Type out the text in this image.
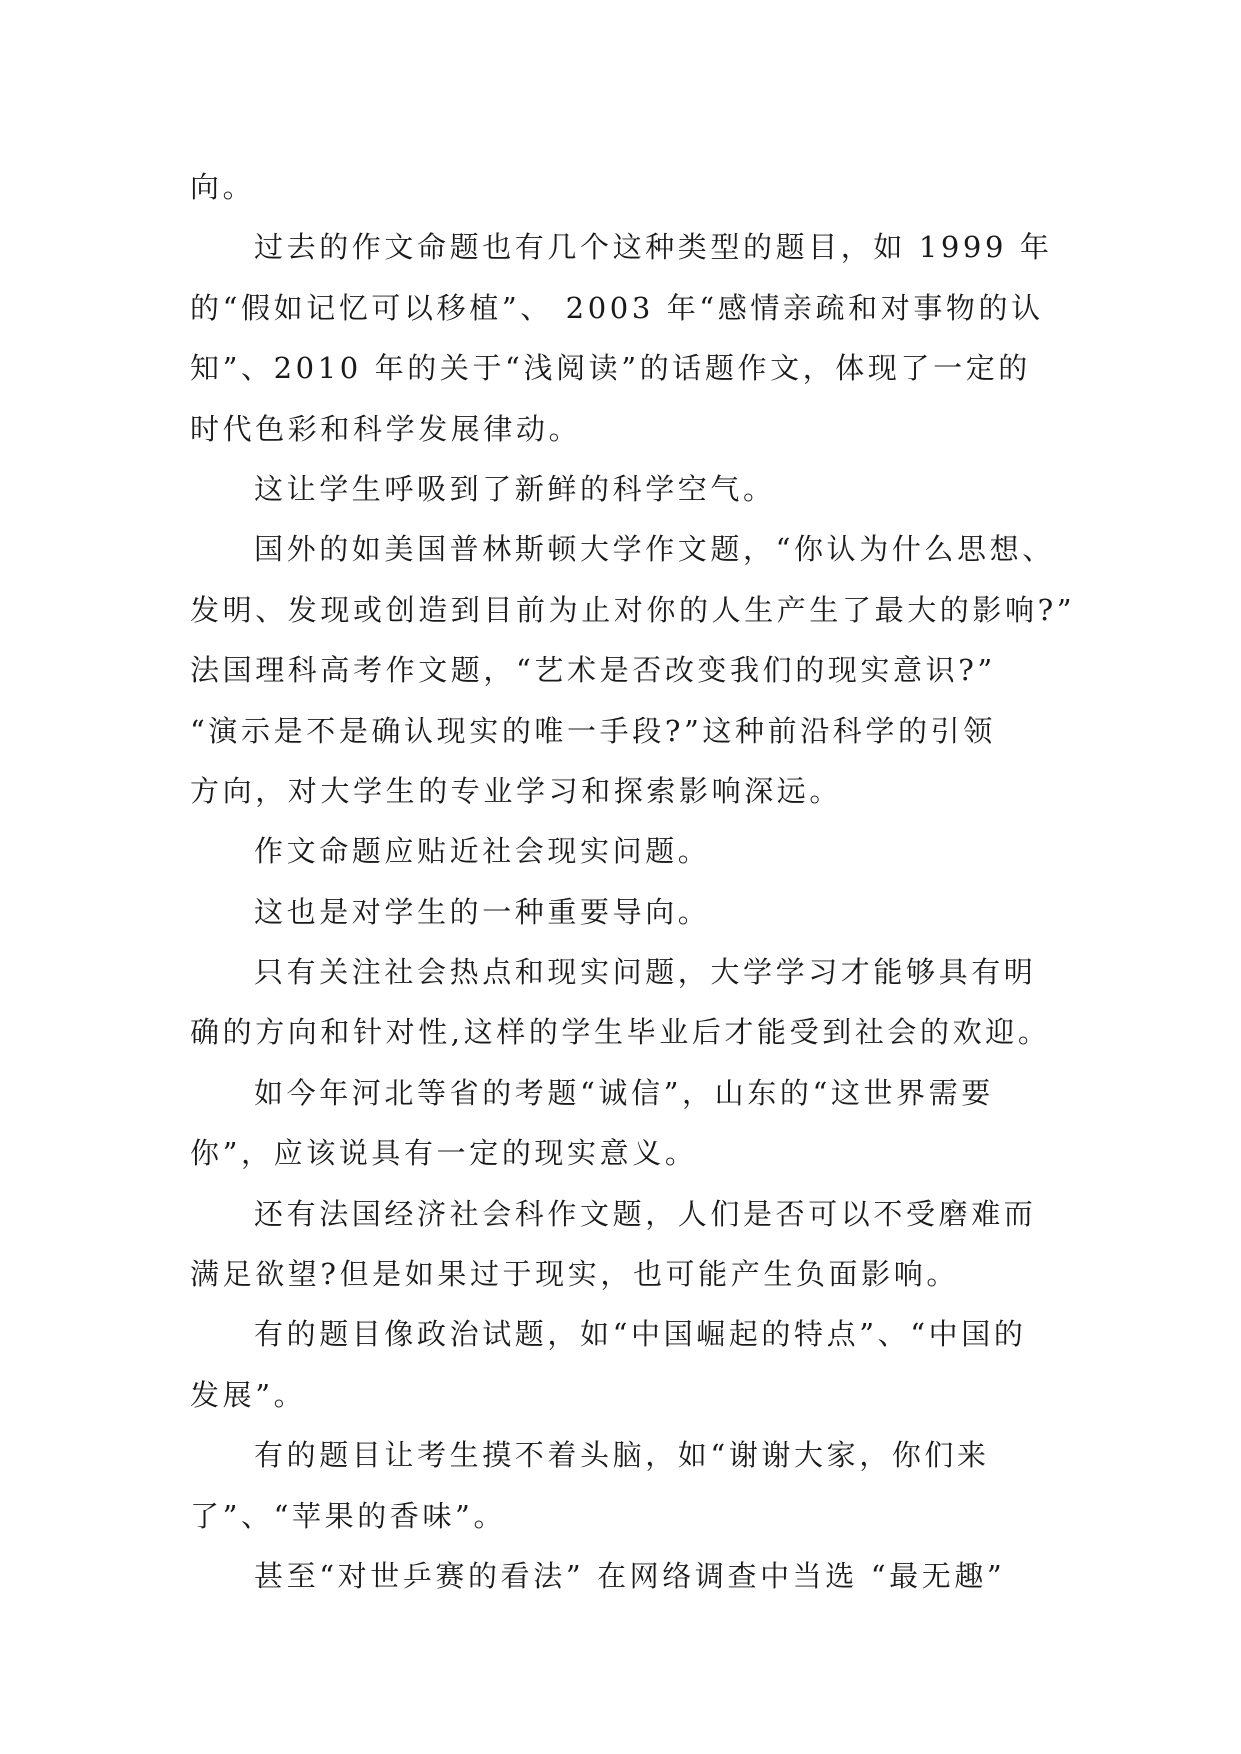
向。
过去的作文命题也有几个这种类型的题目，如 1999 年
的“假如记忆可以移植”、 2003 年“感情亲疏和对事物的认
知”、2010 年的关于“浅阅读”的话题作文，体现了一定的
时代色彩和科学发展律动。
这让学生呼吸到了新鲜的科学空气。
国外的如美国普林斯顿大学作文题，“你认为什么思想、
发明、发现或创造到目前为止对你的人生产生了最大的影响?”
法国理科高考作文题，“艺术是否改变我们的现实意识?”
“演示是不是确认现实的唯一手段?”这种前沿科学的引领
方向，对大学生的专业学习和探索影响深远。
作文命题应贴近社会现实问题。
这也是对学生的一种重要导向。
只有关注社会热点和现实问题，大学学习才能够具有明
确的方向和针对性,这样的学生毕业后才能受到社会的欢迎。
如今年河北等省的考题“诚信”，山东的“这世界需要
你”，应该说具有一定的现实意义。
还有法国经济社会科作文题，人们是否可以不受磨难而
满足欲望?但是如果过于现实，也可能产生负面影响。
有的题目像政治试题，如“中国崛起的特点”、“中国的
发展”。
有的题目让考生摸不着头脑，如“谢谢大家，你们来
了”、“苹果的香味”。
甚至“对世乒赛的看法” 在网络调查中当选 “最无趣”
